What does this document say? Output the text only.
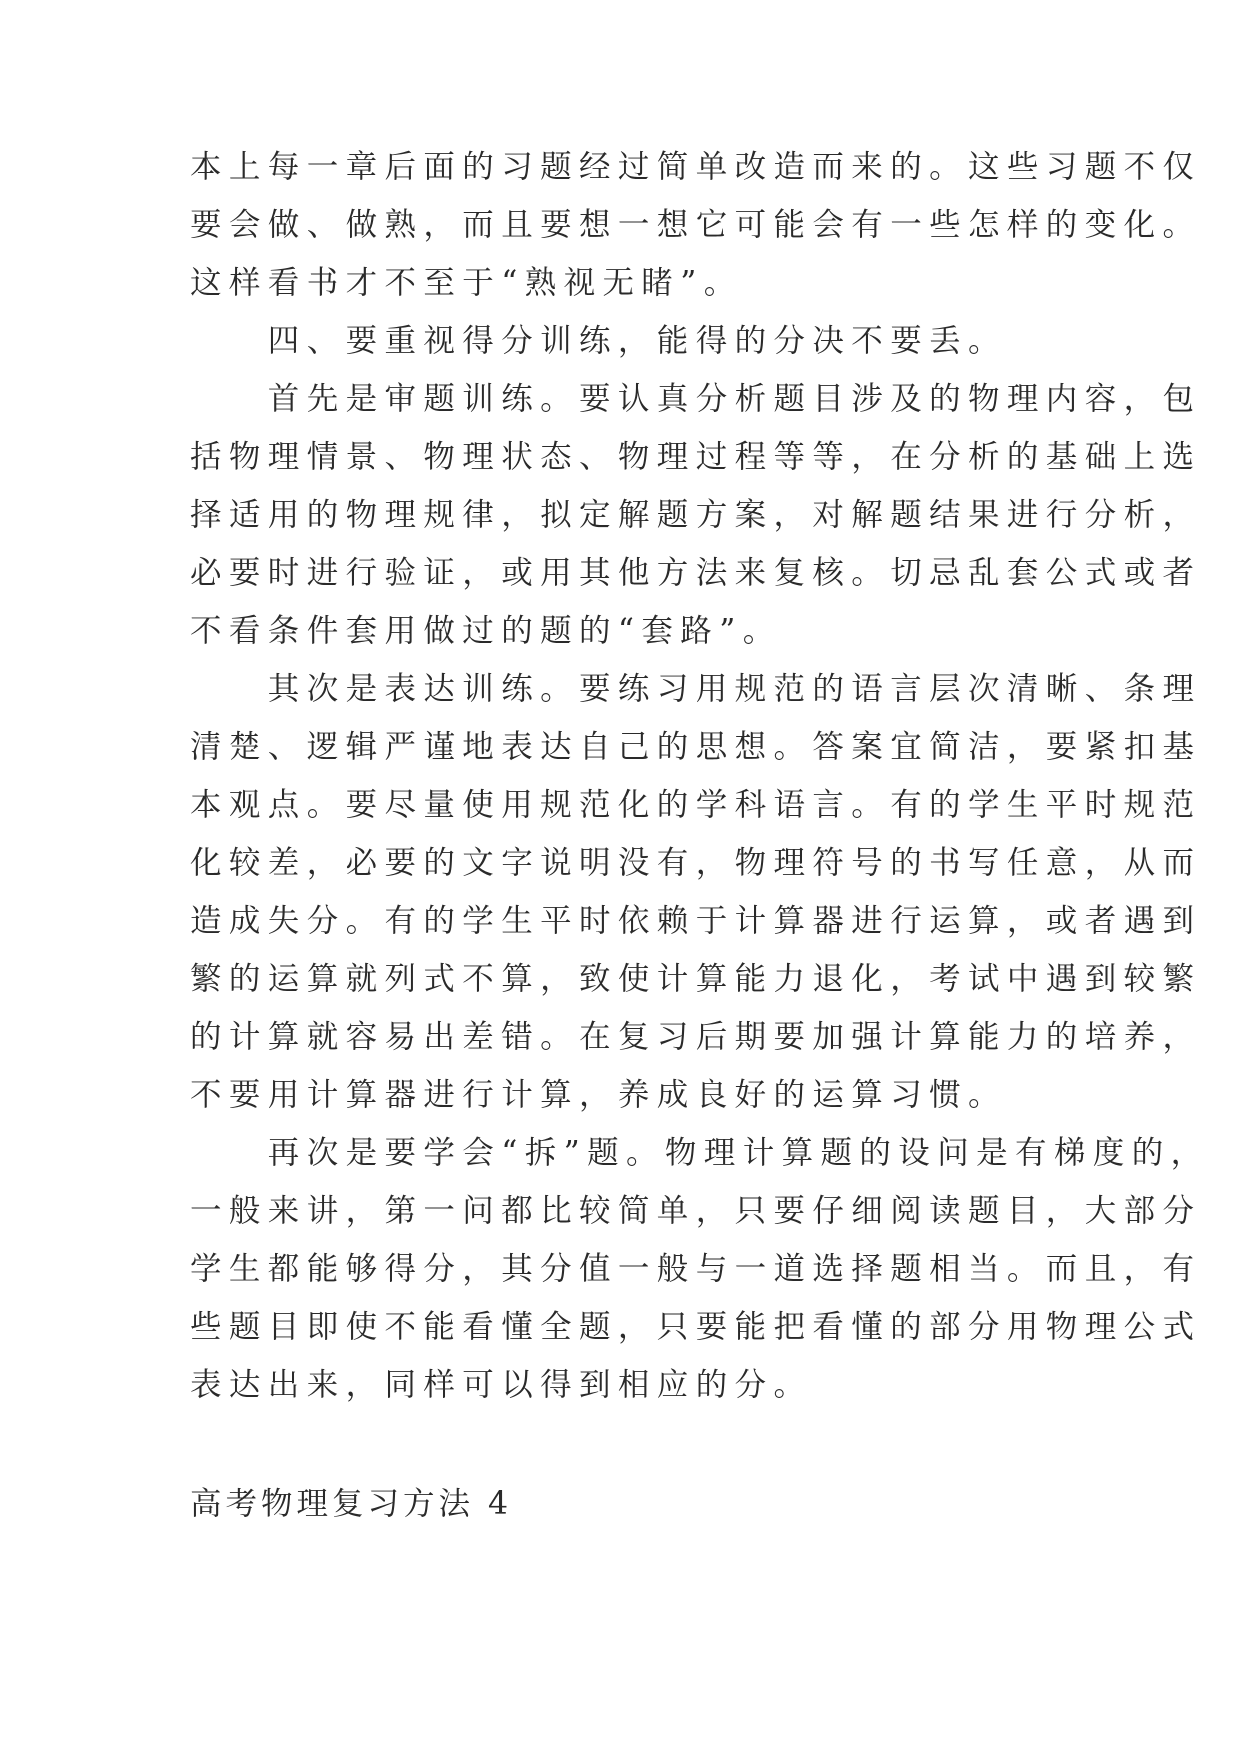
本上每一章后面的习题经过简单改造而来的。这些习题不仅
要会做、做熟，而且要想一想它可能会有一些怎样的变化。
这样看书才不至于“熟视无睹”。
　　四、要重视得分训练，能得的分决不要丢。
　　首先是审题训练。要认真分析题目涉及的物理内容，包
括物理情景、物理状态、物理过程等等，在分析的基础上选
择适用的物理规律，拟定解题方案，对解题结果进行分析，
必要时进行验证，或用其他方法来复核。切忌乱套公式或者
不看条件套用做过的题的“套路”。
　　其次是表达训练。要练习用规范的语言层次清晰、条理
清楚、逻辑严谨地表达自己的思想。答案宜简洁，要紧扣基
本观点。要尽量使用规范化的学科语言。有的学生平时规范
化较差，必要的文字说明没有，物理符号的书写任意，从而
造成失分。有的学生平时依赖于计算器进行运算，或者遇到
繁的运算就列式不算，致使计算能力退化，考试中遇到较繁
的计算就容易出差错。在复习后期要加强计算能力的培养，
不要用计算器进行计算，养成良好的运算习惯。
　　再次是要学会“拆”题。物理计算题的设问是有梯度的，
一般来讲，第一问都比较简单，只要仔细阅读题目，大部分
学生都能够得分，其分值一般与一道选择题相当。而且，有
些题目即使不能看懂全题，只要能把看懂的部分用物理公式
表达出来，同样可以得到相应的分。
高考物理复习方法 4
